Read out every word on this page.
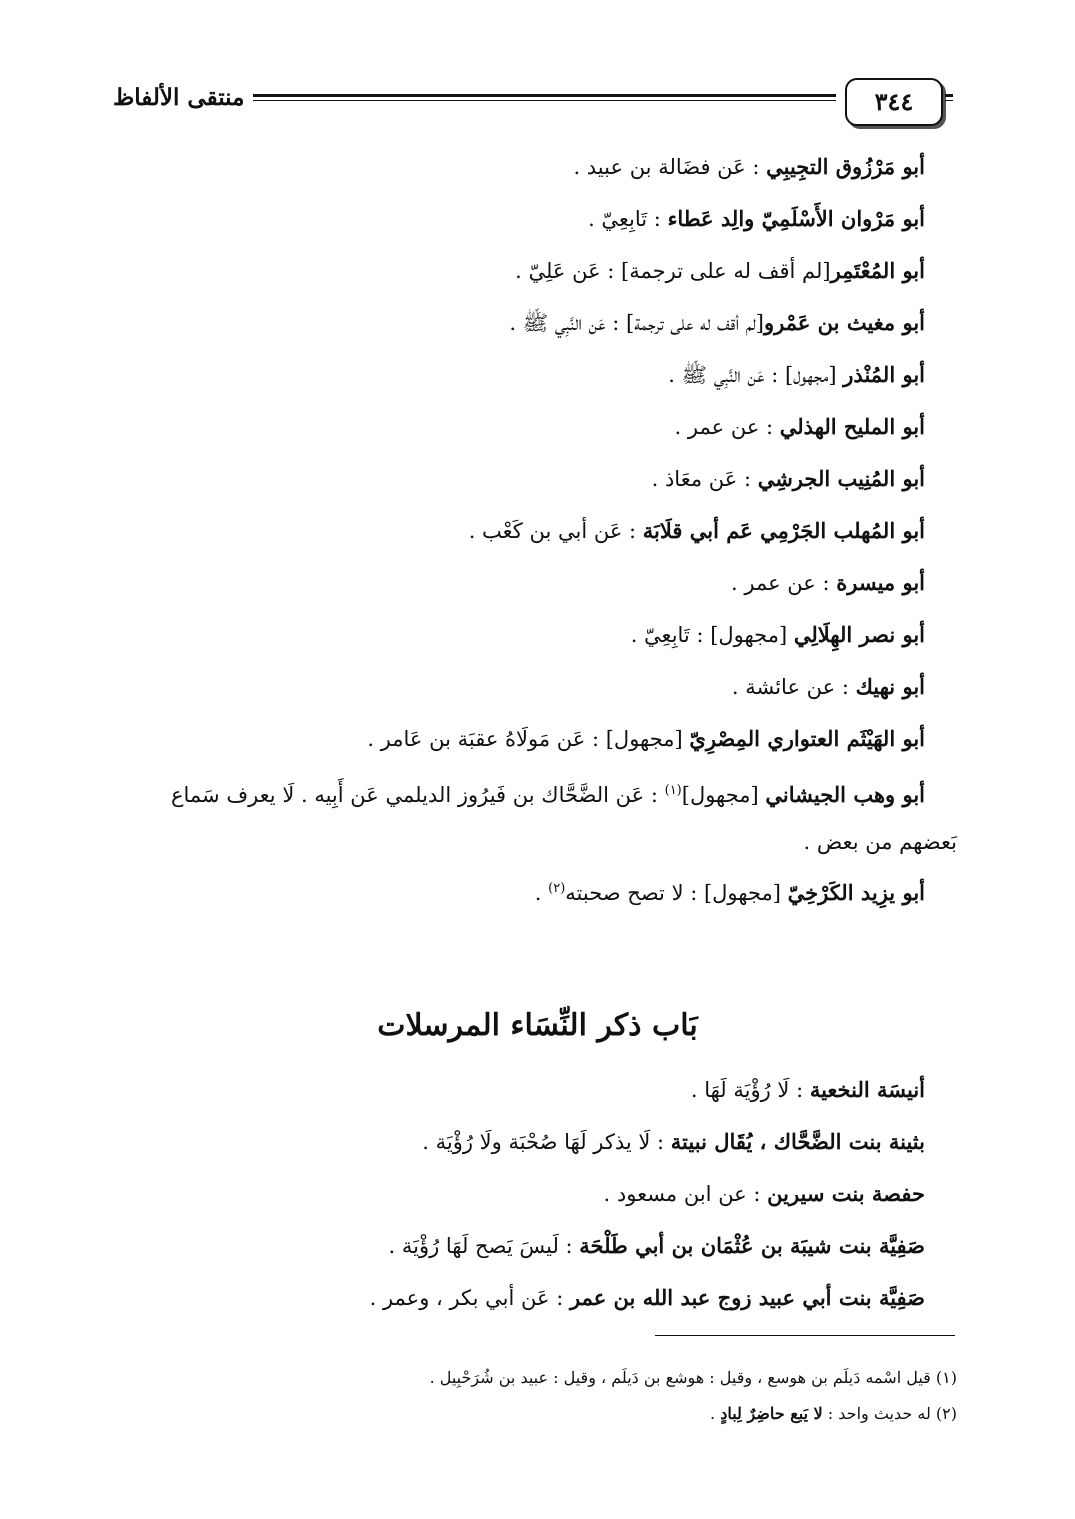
منتقى الألفاظ	٣٤٤
أبو مَرْزُوق التجِيبِي : عَن فضَالة بن عبيد .
أبو مَرْوان الأَسْلَمِيّ والِد عَطاء : تَابِعِيّ .
أبو المُعْتَمِر[لم أقف له على ترجمة] : عَن عَلِيّ .
أبو مغيث بن عَمْرو[لم أقف له على ترجمة] : عَن النَّبِي ﷺ .
أبو المُنْذر [مجهول] : عَن النَّبِي ﷺ .
أبو المليح الهذلي : عن عمر .
أبو المُنِيب الجرشِي : عَن معَاذ .
أبو المُهلب الجَرْمِي عَم أبي قلَابَة : عَن أبي بن كَعْب .
أبو ميسرة : عن عمر .
أبو نصر الهِلَالِي [مجهول] : تَابِعِيّ .
أبو نهيك : عن عائشة .
أبو الهَيْثَم العتواري المِصْرِيّ [مجهول] : عَن مَولَاهُ عقبَة بن عَامر .
أبو وهب الجيشاني [مجهول]$^{(١)}$ : عَن الضَّحَّاك بن فَيرُوز الديلمي عَن أَبِيه . لَا يعرف سَماع
بَعضهم من بعض .
أبو يزِيد الكَرْخِيّ [مجهول] : لا تصح صحبته$^{(٢)}$ .
بَاب ذكر النِّسَاء المرسلات
أنيسَة النخعية : لَا رُؤْيَة لَهَا .
بثينة بنت الضَّحَّاك ، يُقَال نبيتة : لَا يذكر لَهَا صُحْبَة ولَا رُؤْيَة .
حفصة بنت سيرين : عن ابن مسعود .
صَفِيَّة بنت شيبَة بن عُثْمَان بن أبي طَلْحَة : لَيسَ يَصح لَهَا رُؤْيَة .
صَفِيَّة بنت أبي عبيد زوج عبد الله بن عمر : عَن أبي بكر ، وعمر .
(١) قيل اسْمه دَيلَم بن هوسع ، وقيل : هوشع بن دَيلَم ، وقيل : عبيد بن شُرَحْبِيل .
(٢) له حديث واحد : لا يَبع حاضِرٌ لِبادٍ .
